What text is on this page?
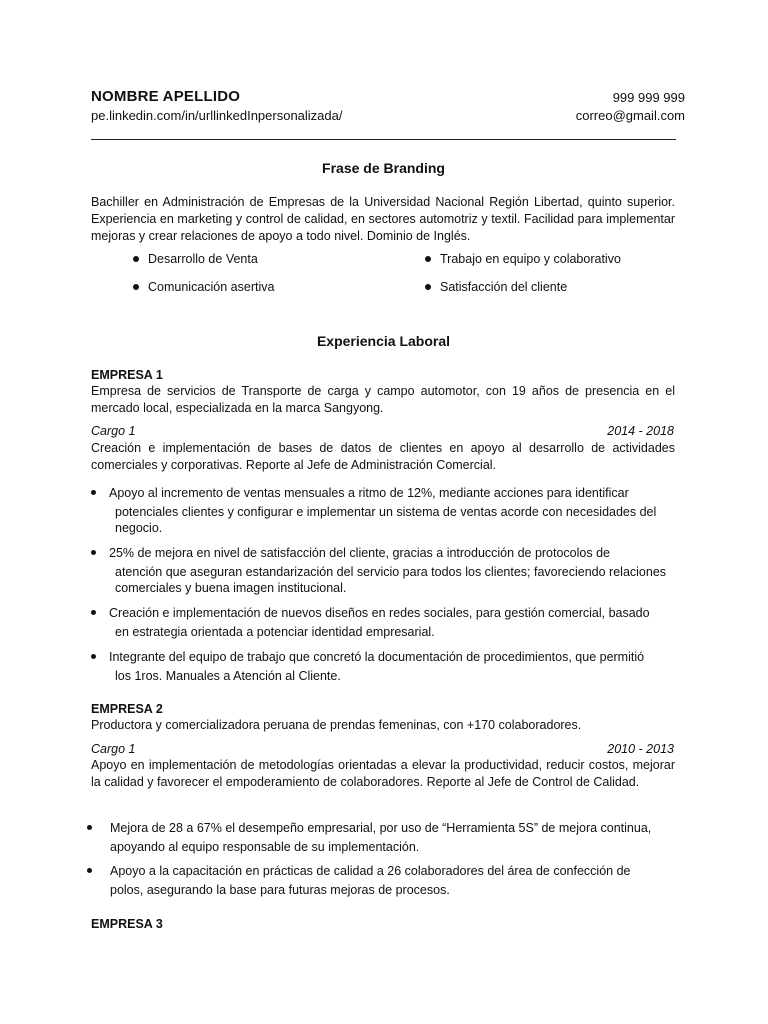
NOMBRE APELLIDO	999 999 999
pe.linkedin.com/in/urllinkedInpersonalizada/	correo@gmail.com
Frase de Branding
Bachiller en Administración de Empresas de la Universidad Nacional Región Libertad, quinto superior. Experiencia en marketing y control de calidad, en sectores automotriz y textil. Facilidad para implementar mejoras y crear relaciones de apoyo a todo nivel. Dominio de Inglés.
Desarrollo de Venta	Trabajo en equipo y colaborativo
Comunicación asertiva	Satisfacción del cliente
Experiencia Laboral
EMPRESA 1
Empresa de servicios de Transporte de carga y campo automotor, con 19 años de presencia en el mercado local, especializada en la marca Sangyong.
Cargo 1	2014 - 2018
Creación e implementación de bases de datos de clientes en apoyo al desarrollo de actividades comerciales y corporativas. Reporte al Jefe de Administración Comercial.
Apoyo al incremento de ventas mensuales a ritmo de 12%, mediante acciones para identificar
potenciales clientes y configurar e implementar un sistema de ventas acorde con necesidades del negocio.
25% de mejora en nivel de satisfacción del cliente, gracias a introducción de protocolos de
atención que aseguran estandarización del servicio para todos los clientes; favoreciendo relaciones comerciales y buena imagen institucional.
Creación e implementación de nuevos diseños en redes sociales, para gestión comercial, basado
en estrategia orientada a potenciar identidad empresarial.
Integrante del equipo de trabajo que concretó la documentación de procedimientos, que permitió
los 1ros. Manuales a Atención al Cliente.
EMPRESA 2
Productora y comercializadora peruana de prendas femeninas, con +170 colaboradores.
Cargo 1	2010 - 2013
Apoyo en implementación de metodologías orientadas a elevar la productividad, reducir costos, mejorar la calidad y favorecer el empoderamiento de colaboradores. Reporte al Jefe de Control de Calidad.
Mejora de 28 a 67% el desempeño empresarial, por uso de “Herramienta 5S” de mejora continua,
apoyando al equipo responsable de su implementación.
Apoyo a la capacitación en prácticas de calidad a 26 colaboradores del área de confección de
polos, asegurando la base para futuras mejoras de procesos.
EMPRESA 3
